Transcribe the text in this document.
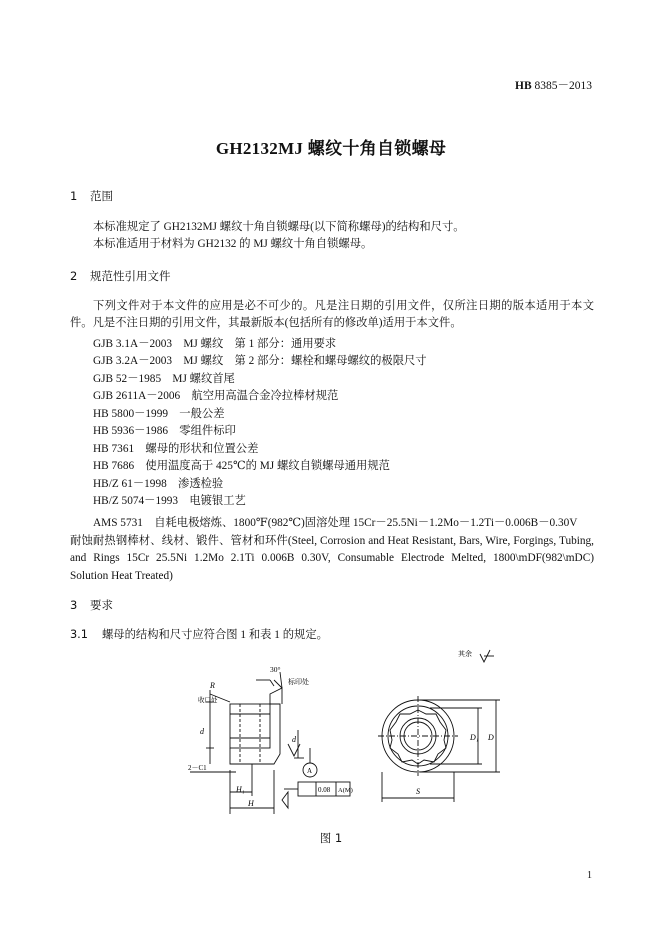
HB 8385－2013
GH2132MJ 螺纹十角自锁螺母
1 范围
本标准规定了 GH2132MJ 螺纹十角自锁螺母(以下简称螺母)的结构和尺寸。
本标准适用于材料为 GH2132 的 MJ 螺纹十角自锁螺母。
2 规范性引用文件
下列文件对于本文件的应用是必不可少的。凡是注日期的引用文件，仅所注日期的版本适用于本文件。凡是不注日期的引用文件，其最新版本(包括所有的修改单)适用于本文件。
GJB 3.1A－2003　MJ 螺纹　第 1 部分：通用要求
GJB 3.2A－2003　MJ 螺纹　第 2 部分：螺栓和螺母螺纹的极限尺寸
GJB 52－1985　MJ 螺纹首尾
GJB 2611A－2006　航空用高温合金冷拉棒材规范
HB 5800－1999　一般公差
HB 5936－1986　零组件标印
HB 7361　螺母的形状和位置公差
HB 7686　使用温度高于 425℃的 MJ 螺纹自锁螺母通用规范
HB/Z 61－1998　渗透检验
HB/Z 5074－1993　电镀银工艺
AMS 5731　自耗电极熔炼、1800℉(982℃)固溶处理 15Cr－25.5Ni－1.2Mo－1.2Ti－0.006B－0.30V
耐蚀耐热钢棒材、线材、锻件、管材和环件(Steel, Corrosion and Heat Resistant, Bars, Wire, Forgings, Tubing,
and Rings 15Cr 25.5Ni 1.2Mo 2.1Ti 0.006B 0.30V, Consumable Electrode Melted, 1800\mDF(982\mDC)
Solution Heat Treated)
3 要求
3.1 螺母的结构和尺寸应符合图 1 和表 1 的规定。
30°
标印处
R
收口处
d
d
2－C1	A
0.08 A(M)
H₁
H
D₁ D
S
其余
图 1
1
